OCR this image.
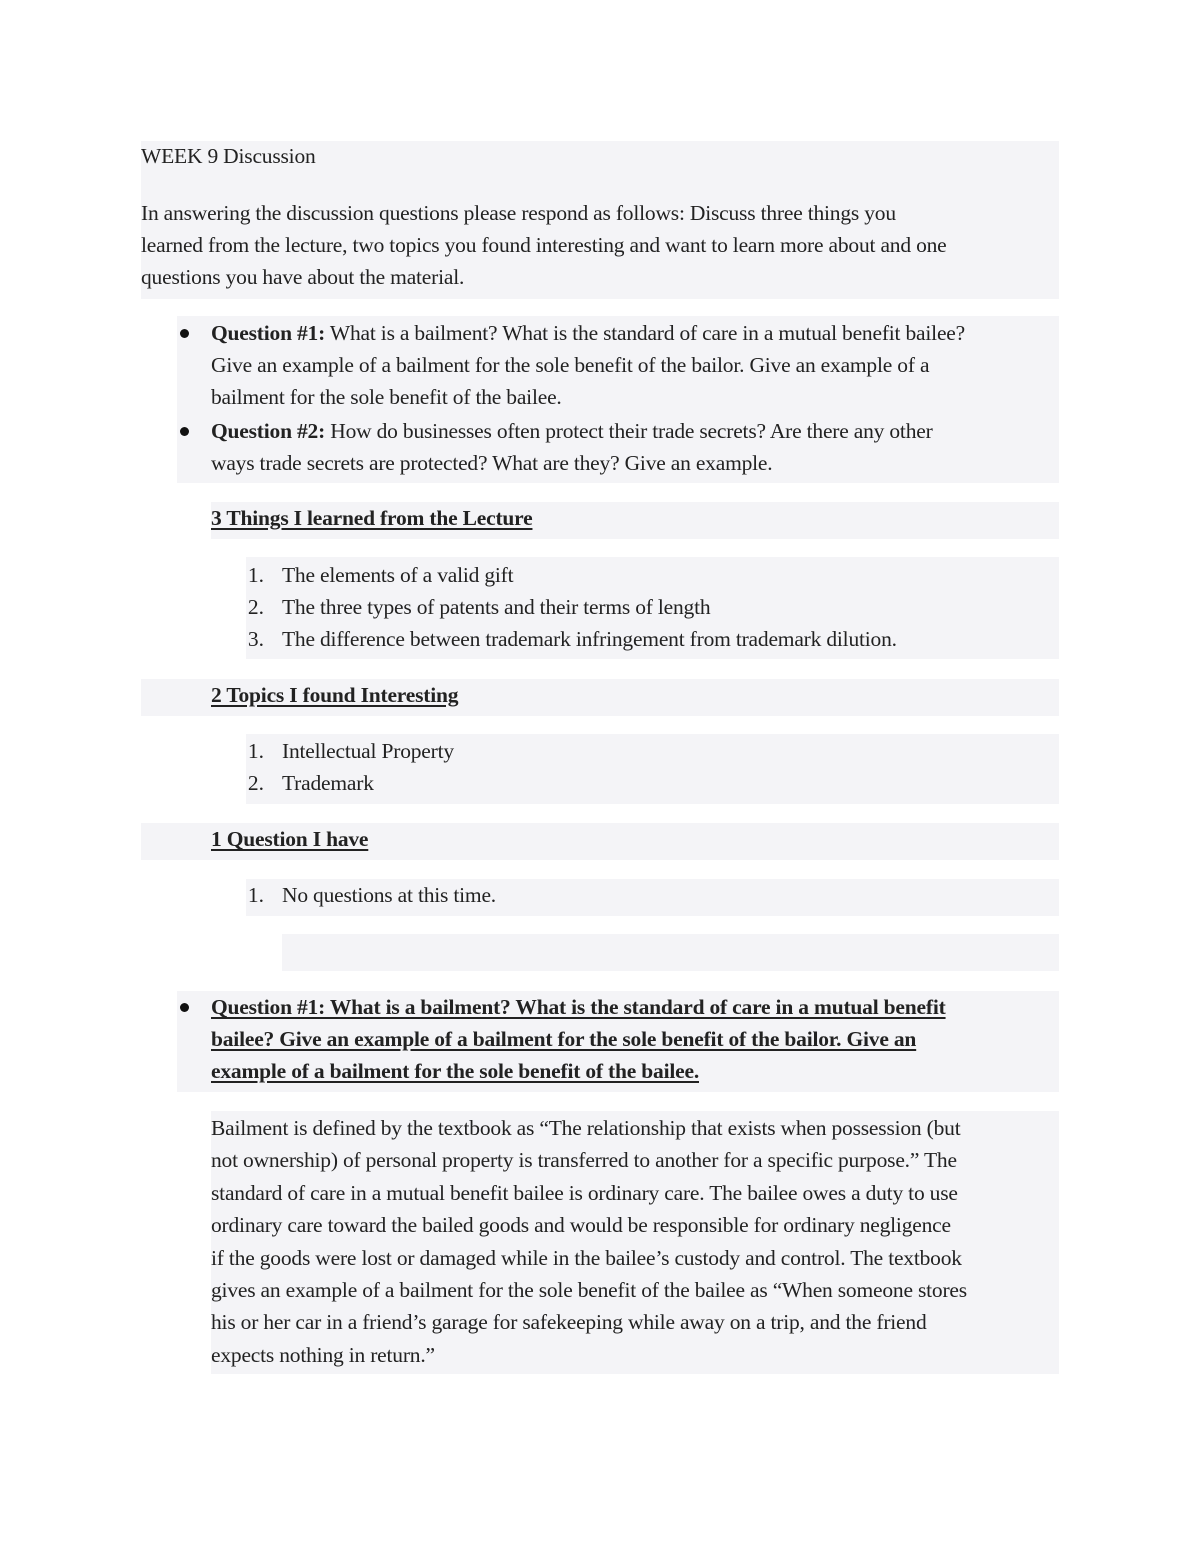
WEEK 9 Discussion
In answering the discussion questions please respond as follows: Discuss three things you
learned from the lecture, two topics you found interesting and want to learn more about and one
questions you have about the material.
Question #1: What is a bailment? What is the standard of care in a mutual benefit bailee?
Give an example of a bailment for the sole benefit of the bailor. Give an example of a
bailment for the sole benefit of the bailee.
Question #2: How do businesses often protect their trade secrets? Are there any other
ways trade secrets are protected? What are they? Give an example.
3 Things I learned from the Lecture
1. The elements of a valid gift
2. The three types of patents and their terms of length
3. The difference between trademark infringement from trademark dilution.
2 Topics I found Interesting
1. Intellectual Property
2. Trademark
1 Question I have
1. No questions at this time.
Question #1: What is a bailment? What is the standard of care in a mutual benefit
bailee? Give an example of a bailment for the sole benefit of the bailor. Give an
example of a bailment for the sole benefit of the bailee.
Bailment is defined by the textbook as “The relationship that exists when possession (but
not ownership) of personal property is transferred to another for a specific purpose.” The
standard of care in a mutual benefit bailee is ordinary care. The bailee owes a duty to use
ordinary care toward the bailed goods and would be responsible for ordinary negligence
if the goods were lost or damaged while in the bailee’s custody and control. The textbook
gives an example of a bailment for the sole benefit of the bailee as “When someone stores
his or her car in a friend’s garage for safekeeping while away on a trip, and the friend
expects nothing in return.”
